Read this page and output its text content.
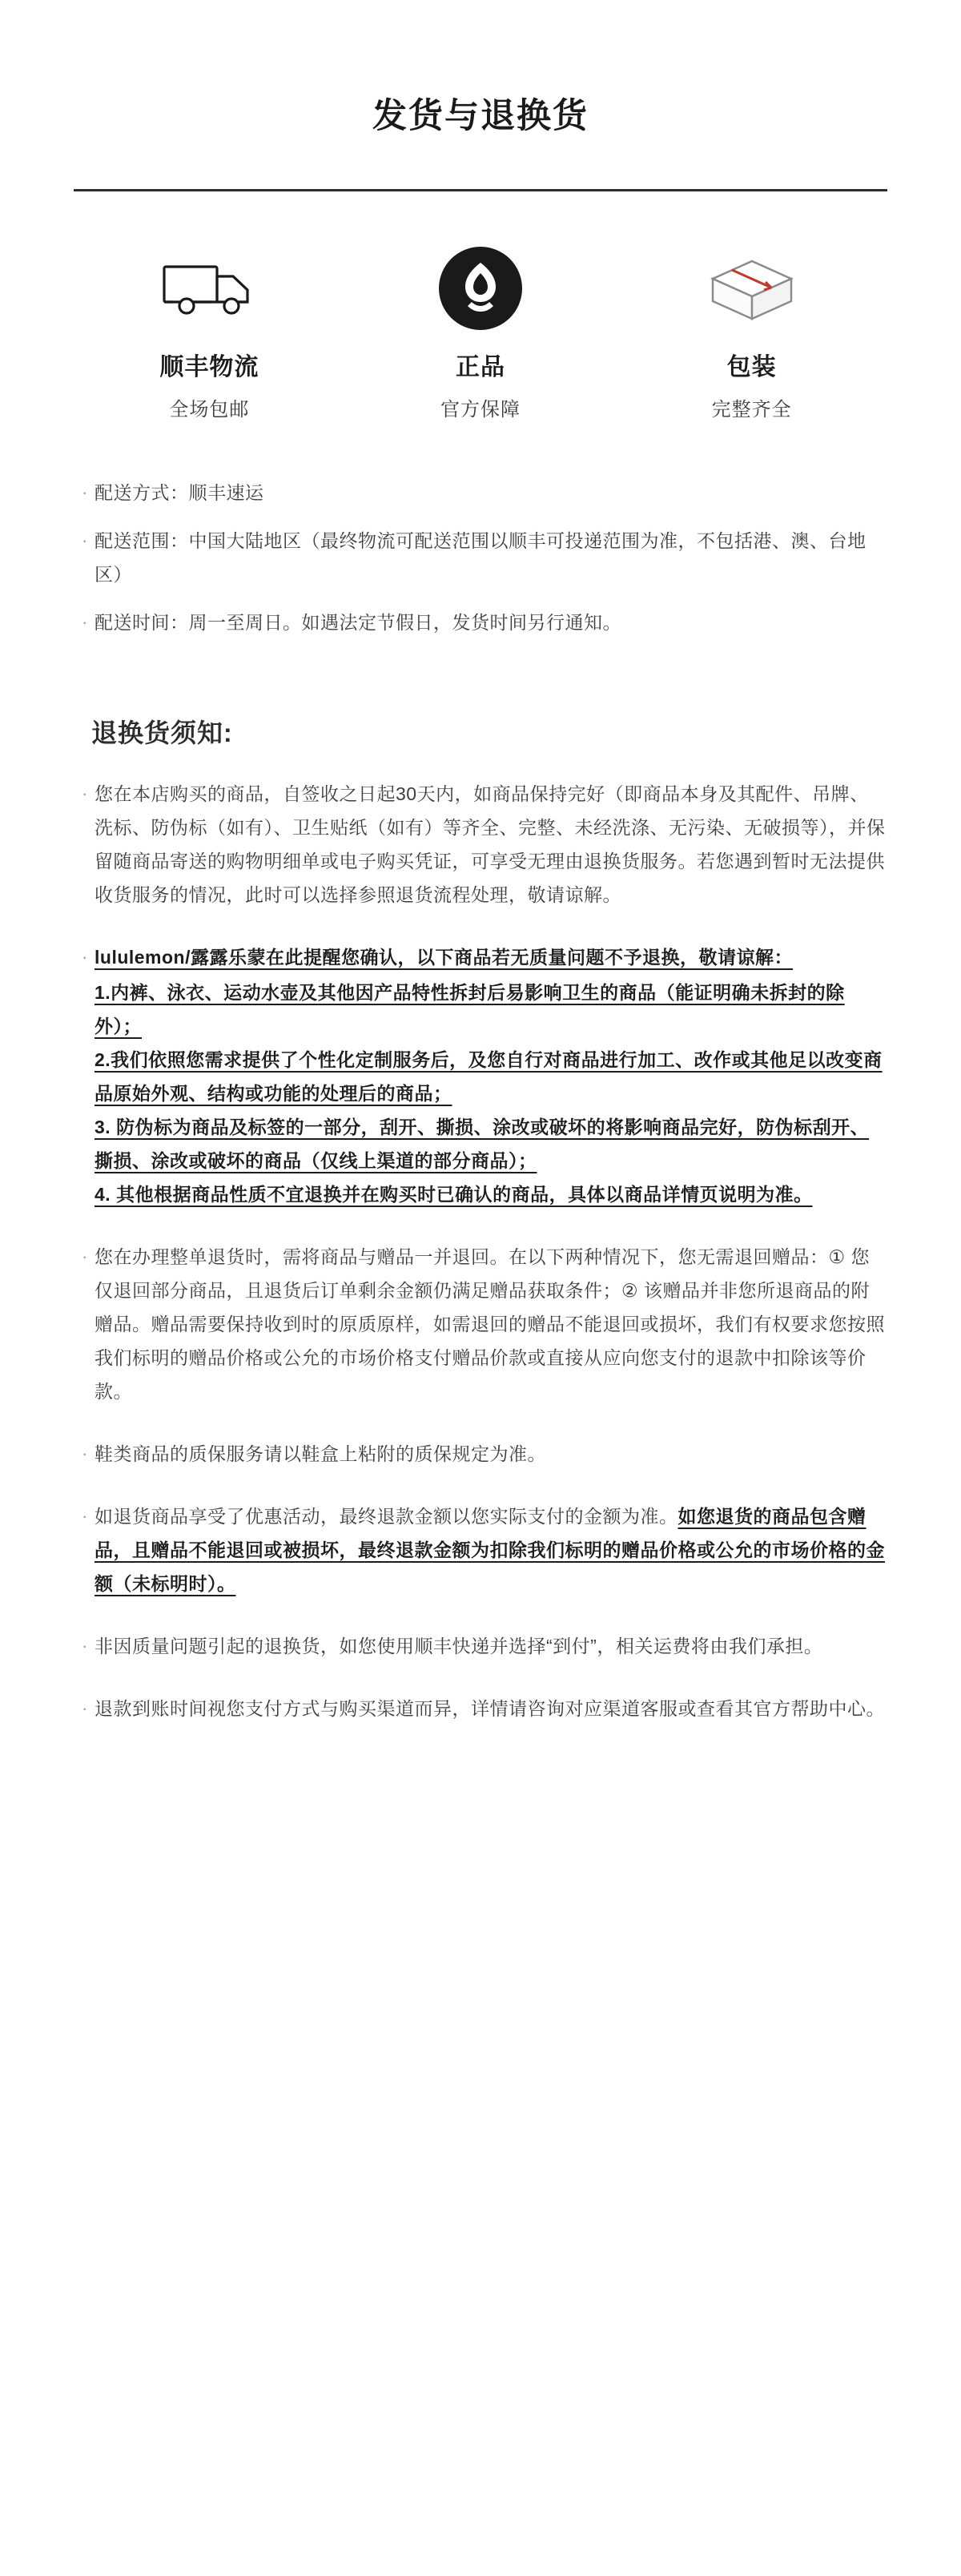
发货与退换货
顺丰物流
全场包邮
正品
官方保障
包装
完整齐全
· 配送方式：顺丰速运
· 配送范围：中国大陆地区（最终物流可配送范围以顺丰可投递范围为准，不包括港、澳、台地区）
· 配送时间：周一至周日。如遇法定节假日，发货时间另行通知。
退换货须知:
· 您在本店购买的商品，自签收之日起30天内，如商品保持完好（即商品本身及其配件、吊牌、洗标、防伪标（如有）、卫生贴纸（如有）等齐全、完整、未经洗涤、无污染、无破损等），并保留随商品寄送的购物明细单或电子购买凭证，可享受无理由退换货服务。若您遇到暂时无法提供收货服务的情况，此时可以选择参照退货流程处理，敬请谅解。
· lululemon/露露乐蒙在此提醒您确认，以下商品若无质量问题不予退换，敬请谅解：
1.内裤、泳衣、运动水壶及其他因产品特性拆封后易影响卫生的商品（能证明确未拆封的除外）；
2.我们依照您需求提供了个性化定制服务后，及您自行对商品进行加工、改作或其他足以改变商品原始外观、结构或功能的处理后的商品；
3. 防伪标为商品及标签的一部分，刮开、撕损、涂改或破坏的将影响商品完好，防伪标刮开、撕损、涂改或破坏的商品（仅线上渠道的部分商品）；
4. 其他根据商品性质不宜退换并在购买时已确认的商品，具体以商品详情页说明为准。
· 您在办理整单退货时，需将商品与赠品一并退回。在以下两种情况下，您无需退回赠品：① 您仅退回部分商品，且退货后订单剩余金额仍满足赠品获取条件；② 该赠品并非您所退商品的附赠品。赠品需要保持收到时的原质原样，如需退回的赠品不能退回或损坏，我们有权要求您按照我们标明的赠品价格或公允的市场价格支付赠品价款或直接从应向您支付的退款中扣除该等价款。
· 鞋类商品的质保服务请以鞋盒上粘附的质保规定为准。
· 如退货商品享受了优惠活动，最终退款金额以您实际支付的金额为准。如您退货的商品包含赠品，且赠品不能退回或被损坏，最终退款金额为扣除我们标明的赠品价格或公允的市场价格的金额（未标明时）。
· 非因质量问题引起的退换货，如您使用顺丰快递并选择“到付”，相关运费将由我们承担。
· 退款到账时间视您支付方式与购买渠道而异，详情请咨询对应渠道客服或查看其官方帮助中心。
